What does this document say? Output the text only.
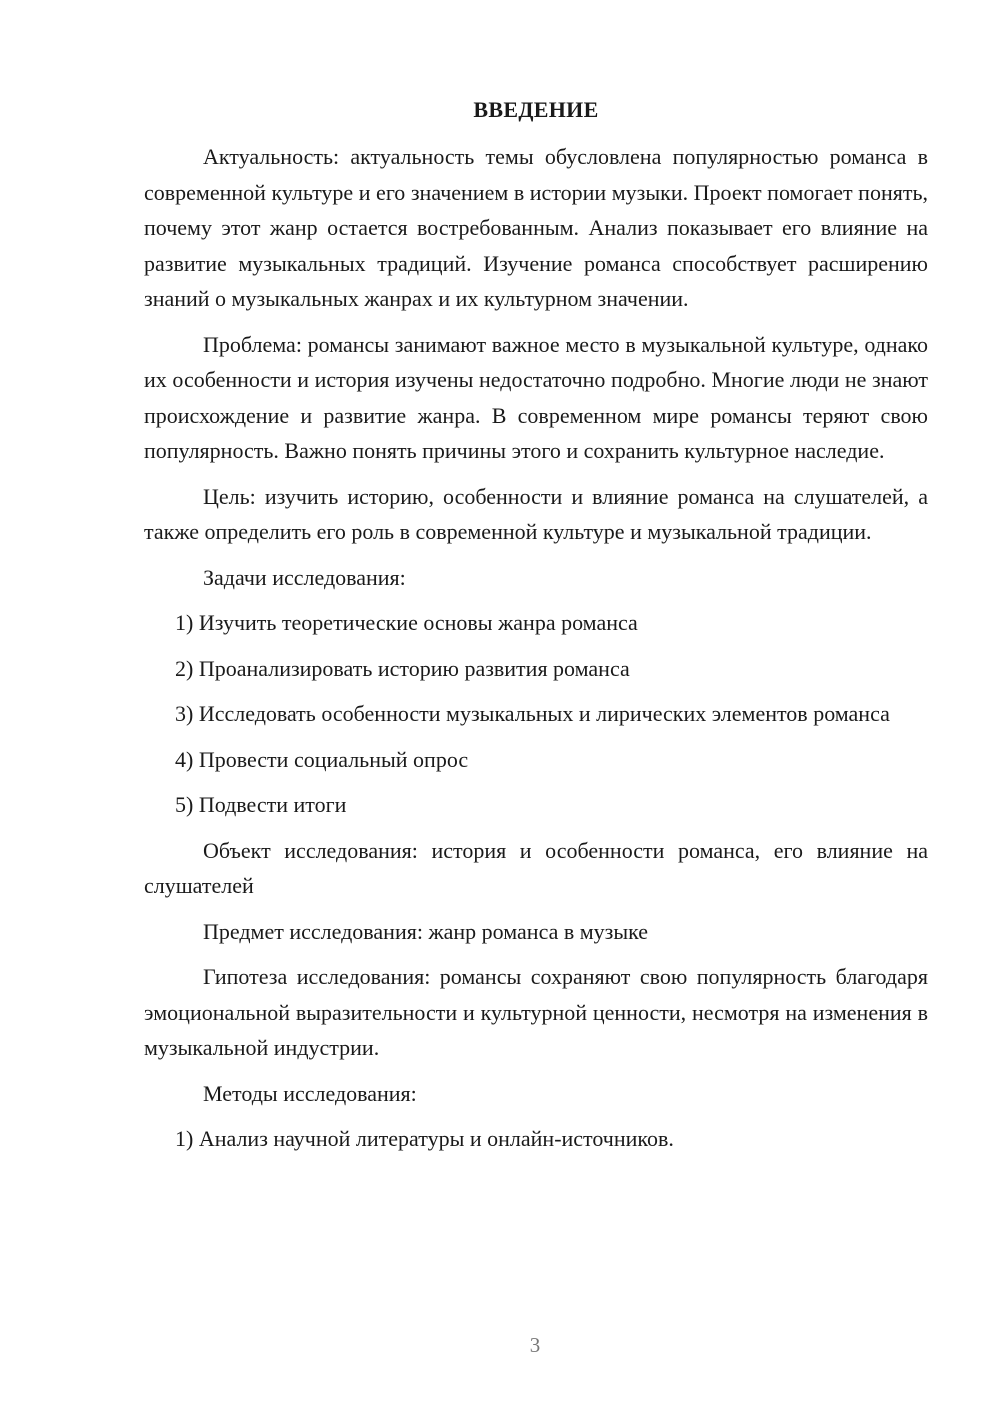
ВВЕДЕНИЕ

Актуальность: актуальность темы обусловлена популярностью романса в современной культуре и его значением в истории музыки. Проект помогает понять, почему этот жанр остается востребованным. Анализ показывает его влияние на развитие музыкальных традиций. Изучение романса способствует расширению знаний о музыкальных жанрах и их культурном значении.

Проблема: романсы занимают важное место в музыкальной культуре, однако их особенности и история изучены недостаточно подробно. Многие люди не знают происхождение и развитие жанра. В современном мире романсы теряют свою популярность. Важно понять причины этого и сохранить культурное наследие.

Цель: изучить историю, особенности и влияние романса на слушателей, а также определить его роль в современной культуре и музыкальной традиции.

Задачи исследования:

1) Изучить теоретические основы жанра романса

2) Проанализировать историю развития романса

3) Исследовать особенности музыкальных и лирических элементов романса

4) Провести социальный опрос

5) Подвести итоги

Объект исследования: история и особенности романса, его влияние на слушателей

Предмет исследования: жанр романса в музыке

Гипотеза исследования: романсы сохраняют свою популярность благодаря эмоциональной выразительности и культурной ценности, несмотря на изменения в музыкальной индустрии.

Методы исследования:

1) Анализ научной литературы и онлайн-источников.

3
